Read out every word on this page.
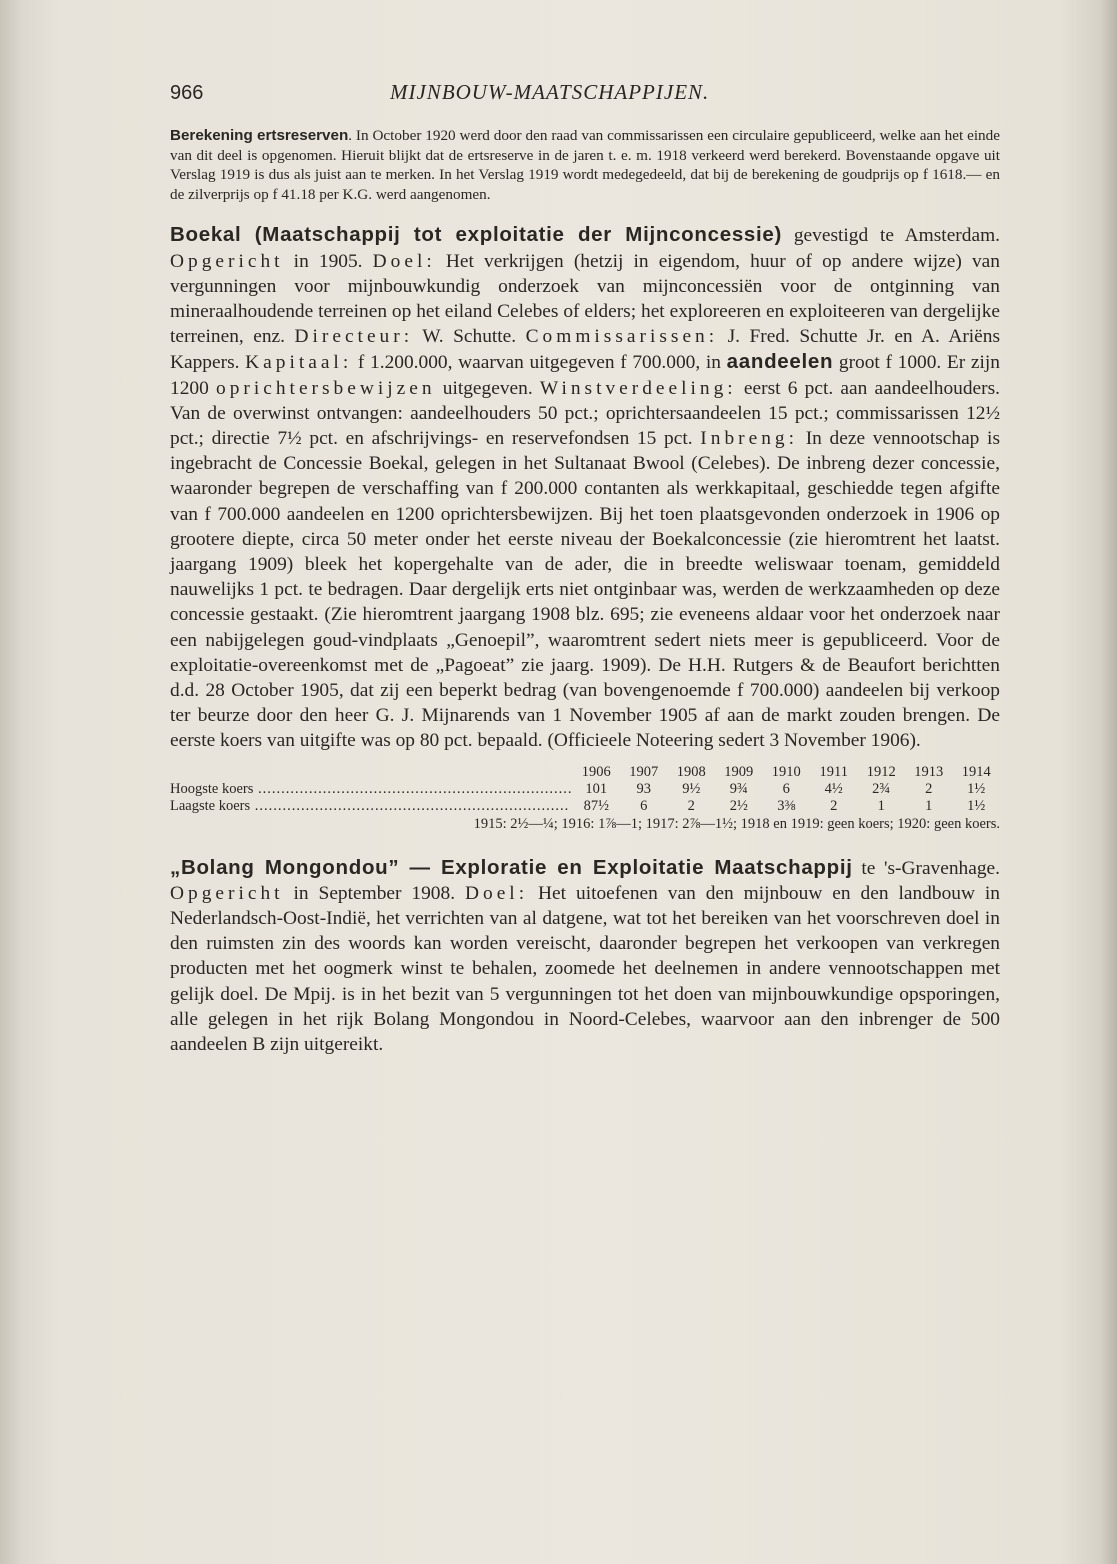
966	MIJNBOUW-MAATSCHAPPIJEN.

Berekening ertsreserven. In October 1920 werd door den raad van commissarissen een circulaire gepubliceerd, welke aan het einde van dit deel is opgenomen. Hieruit blijkt dat de ertsreserve in de jaren t. e. m. 1918 verkeerd werd berekerd. Bovenstaande opgave uit Verslag 1919 is dus als juist aan te merken. In het Verslag 1919 wordt medegedeeld, dat bij de berekening de goudprijs op f 1618.— en de zilverprijs op f 41.18 per K.G. werd aangenomen.

Boekal (Maatschappij tot exploitatie der Mijnconcessie) gevestigd te Amsterdam. Opgericht in 1905. Doel: Het verkrijgen (hetzij in eigendom, huur of op andere wijze) van vergunningen voor mijnbouwkundig onderzoek van mijnconcessiën voor de ontginning van mineraalhoudende terreinen op het eiland Celebes of elders; het exploreeren en exploiteeren van dergelijke terreinen, enz. Directeur: W. Schutte. Commissarissen: J. Fred. Schutte Jr. en A. Ariëns Kappers. Kapitaal: f 1.200.000, waarvan uitgegeven f 700.000, in aandeelen groot f 1000. Er zijn 1200 oprichtersbewijzen uitgegeven. Winstverdeeling: eerst 6 pct. aan aandeelhouders. Van de overwinst ontvangen: aandeelhouders 50 pct.; oprichtersaandeelen 15 pct.; commissarissen 12½ pct.; directie 7½ pct. en afschrijvings- en reservefondsen 15 pct. Inbreng: In deze vennootschap is ingebracht de Concessie Boekal, gelegen in het Sultanaat Bwool (Celebes). De inbreng dezer concessie, waaronder begrepen de verschaffing van f 200.000 contanten als werkkapitaal, geschiedde tegen afgifte van f 700.000 aandeelen en 1200 oprichtersbewijzen. Bij het toen plaatsgevonden onderzoek in 1906 op grootere diepte, circa 50 meter onder het eerste niveau der Boekalconcessie (zie hieromtrent het laatst. jaargang 1909) bleek het kopergehalte van de ader, die in breedte weliswaar toenam, gemiddeld nauwelijks 1 pct. te bedragen. Daar dergelijk erts niet ontginbaar was, werden de werkzaamheden op deze concessie gestaakt. (Zie hieromtrent jaargang 1908 blz. 695; zie eveneens aldaar voor het onderzoek naar een nabijgelegen goud-vindplaats „Genoepil”, waaromtrent sedert niets meer is gepubliceerd. Voor de exploitatie-overeenkomst met de „Pagoeat” zie jaarg. 1909). De H.H. Rutgers & de Beaufort berichtten d.d. 28 October 1905, dat zij een beperkt bedrag (van bovengenoemde f 700.000) aandeelen bij verkoop ter beurze door den heer G. J. Mijnarends van 1 November 1905 af aan de markt zouden brengen. De eerste koers van uitgifte was op 80 pct. bepaald. (Officieele Noteering sedert 3 November 1906).

	1906	1907	1908	1909	1910	1911	1912	1913	1914
Hoogste koers ....................................................................	101	93	9½	9¾	6	4½	2¾	2	1½
Laagste koers ....................................................................	87½	6	2	2½	3⅜	2	1	1	1½
1915: 2½—¼; 1916: 1⅞—1; 1917: 2⅞—1½; 1918 en 1919: geen koers; 1920: geen koers.

„Bolang Mongondou” — Exploratie en Exploitatie Maatschappij te 's-Gravenhage. Opgericht in September 1908. Doel: Het uitoefenen van den mijnbouw en den landbouw in Nederlandsch-Oost-Indië, het verrichten van al datgene, wat tot het bereiken van het voorschreven doel in den ruimsten zin des woords kan worden vereischt, daaronder begrepen het verkoopen van verkregen producten met het oogmerk winst te behalen, zoomede het deelnemen in andere vennootschappen met gelijk doel. De Mpij. is in het bezit van 5 vergunningen tot het doen van mijnbouwkundige opsporingen, alle gelegen in het rijk Bolang Mongondou in Noord-Celebes, waarvoor aan den inbrenger de 500 aandeelen B zijn uitgereikt.
